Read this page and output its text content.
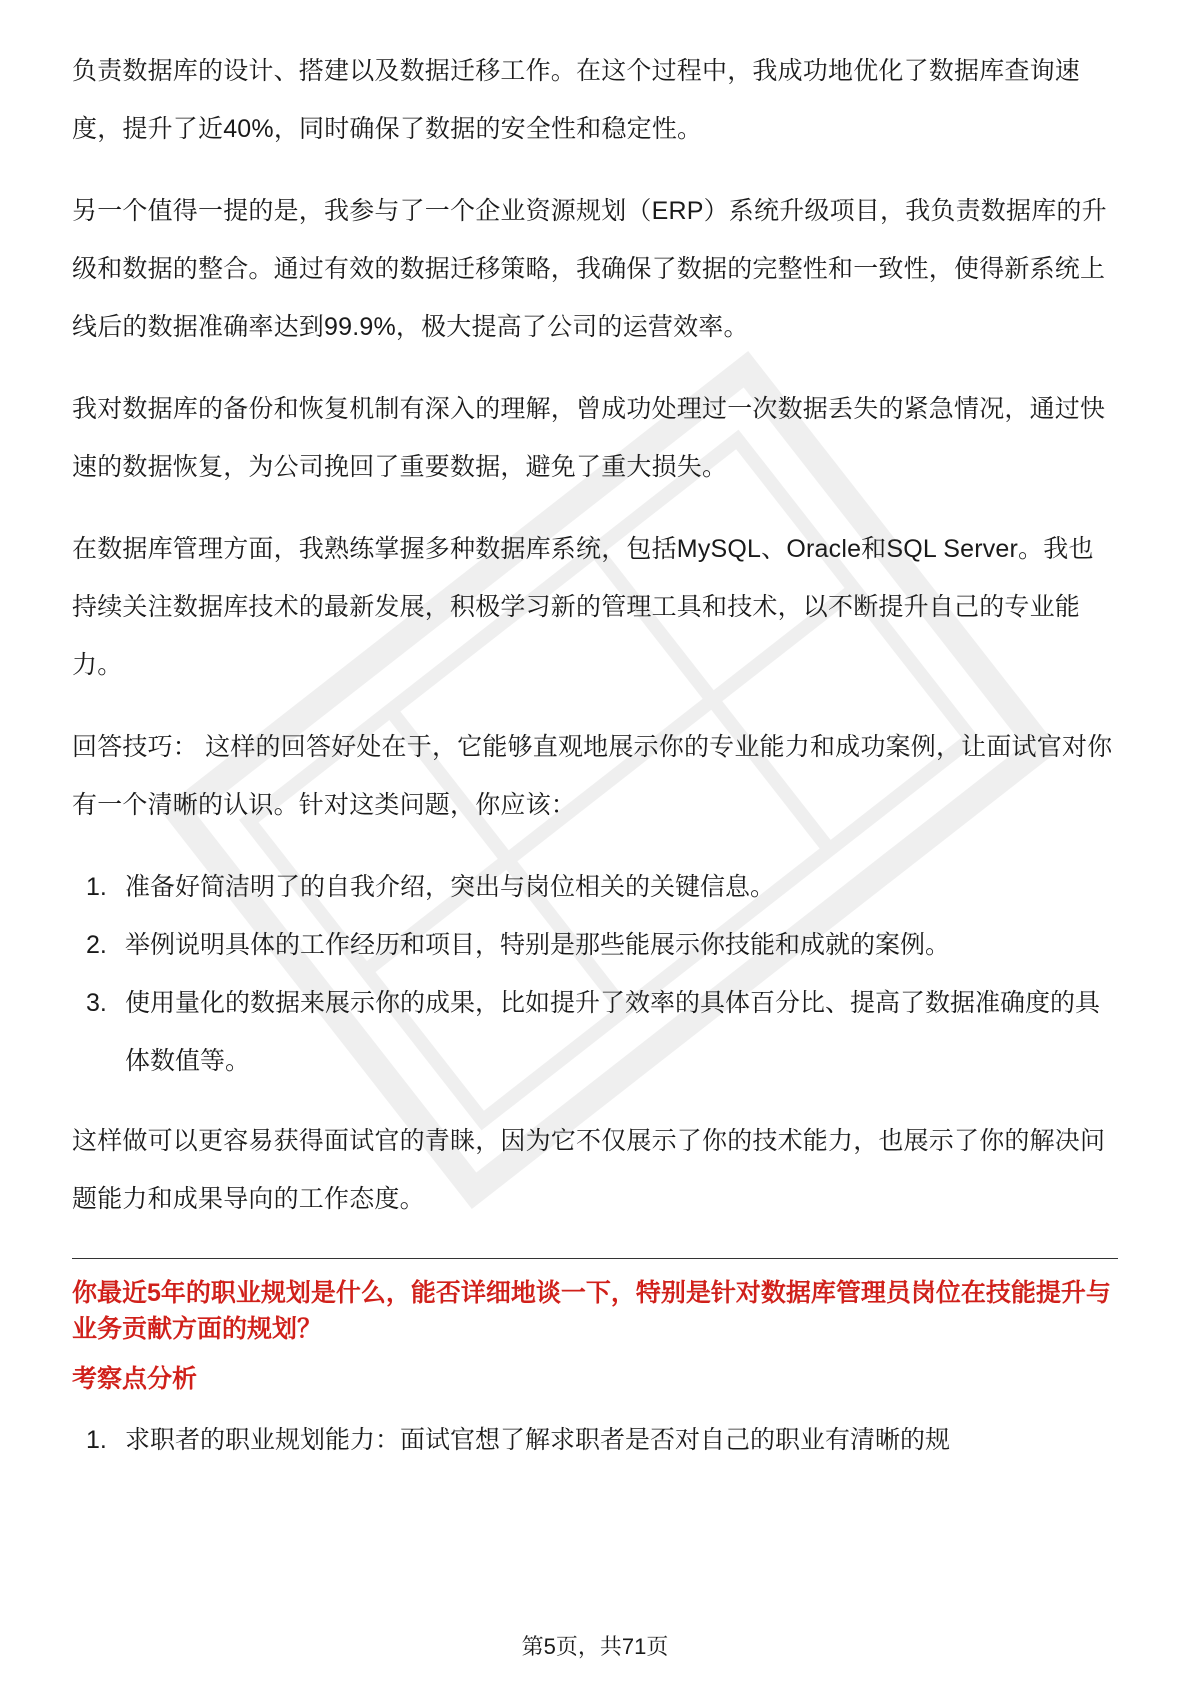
负责数据库的设计、搭建以及数据迁移工作。在这个过程中，我成功地优化了数据库查询速度，提升了近40%，同时确保了数据的安全性和稳定性。

另一个值得一提的是，我参与了一个企业资源规划（ERP）系统升级项目，我负责数据库的升级和数据的整合。通过有效的数据迁移策略，我确保了数据的完整性和一致性，使得新系统上线后的数据准确率达到99.9%，极大提高了公司的运营效率。

我对数据库的备份和恢复机制有深入的理解，曾成功处理过一次数据丢失的紧急情况，通过快速的数据恢复，为公司挽回了重要数据，避免了重大损失。

在数据库管理方面，我熟练掌握多种数据库系统，包括MySQL、Oracle和SQL Server。我也持续关注数据库技术的最新发展，积极学习新的管理工具和技术，以不断提升自己的专业能力。

回答技巧： 这样的回答好处在于，它能够直观地展示你的专业能力和成功案例，让面试官对你有一个清晰的认识。针对这类问题，你应该：

1. 准备好简洁明了的自我介绍，突出与岗位相关的关键信息。
2. 举例说明具体的工作经历和项目，特别是那些能展示你技能和成就的案例。
3. 使用量化的数据来展示你的成果，比如提升了效率的具体百分比、提高了数据准确度的具体数值等。

这样做可以更容易获得面试官的青睐，因为它不仅展示了你的技术能力，也展示了你的解决问题能力和成果导向的工作态度。

你最近5年的职业规划是什么，能否详细地谈一下，特别是针对数据库管理员岗位在技能提升与业务贡献方面的规划？
考察点分析
1. 求职者的职业规划能力：面试官想了解求职者是否对自己的职业有清晰的规
第5页，共71页
